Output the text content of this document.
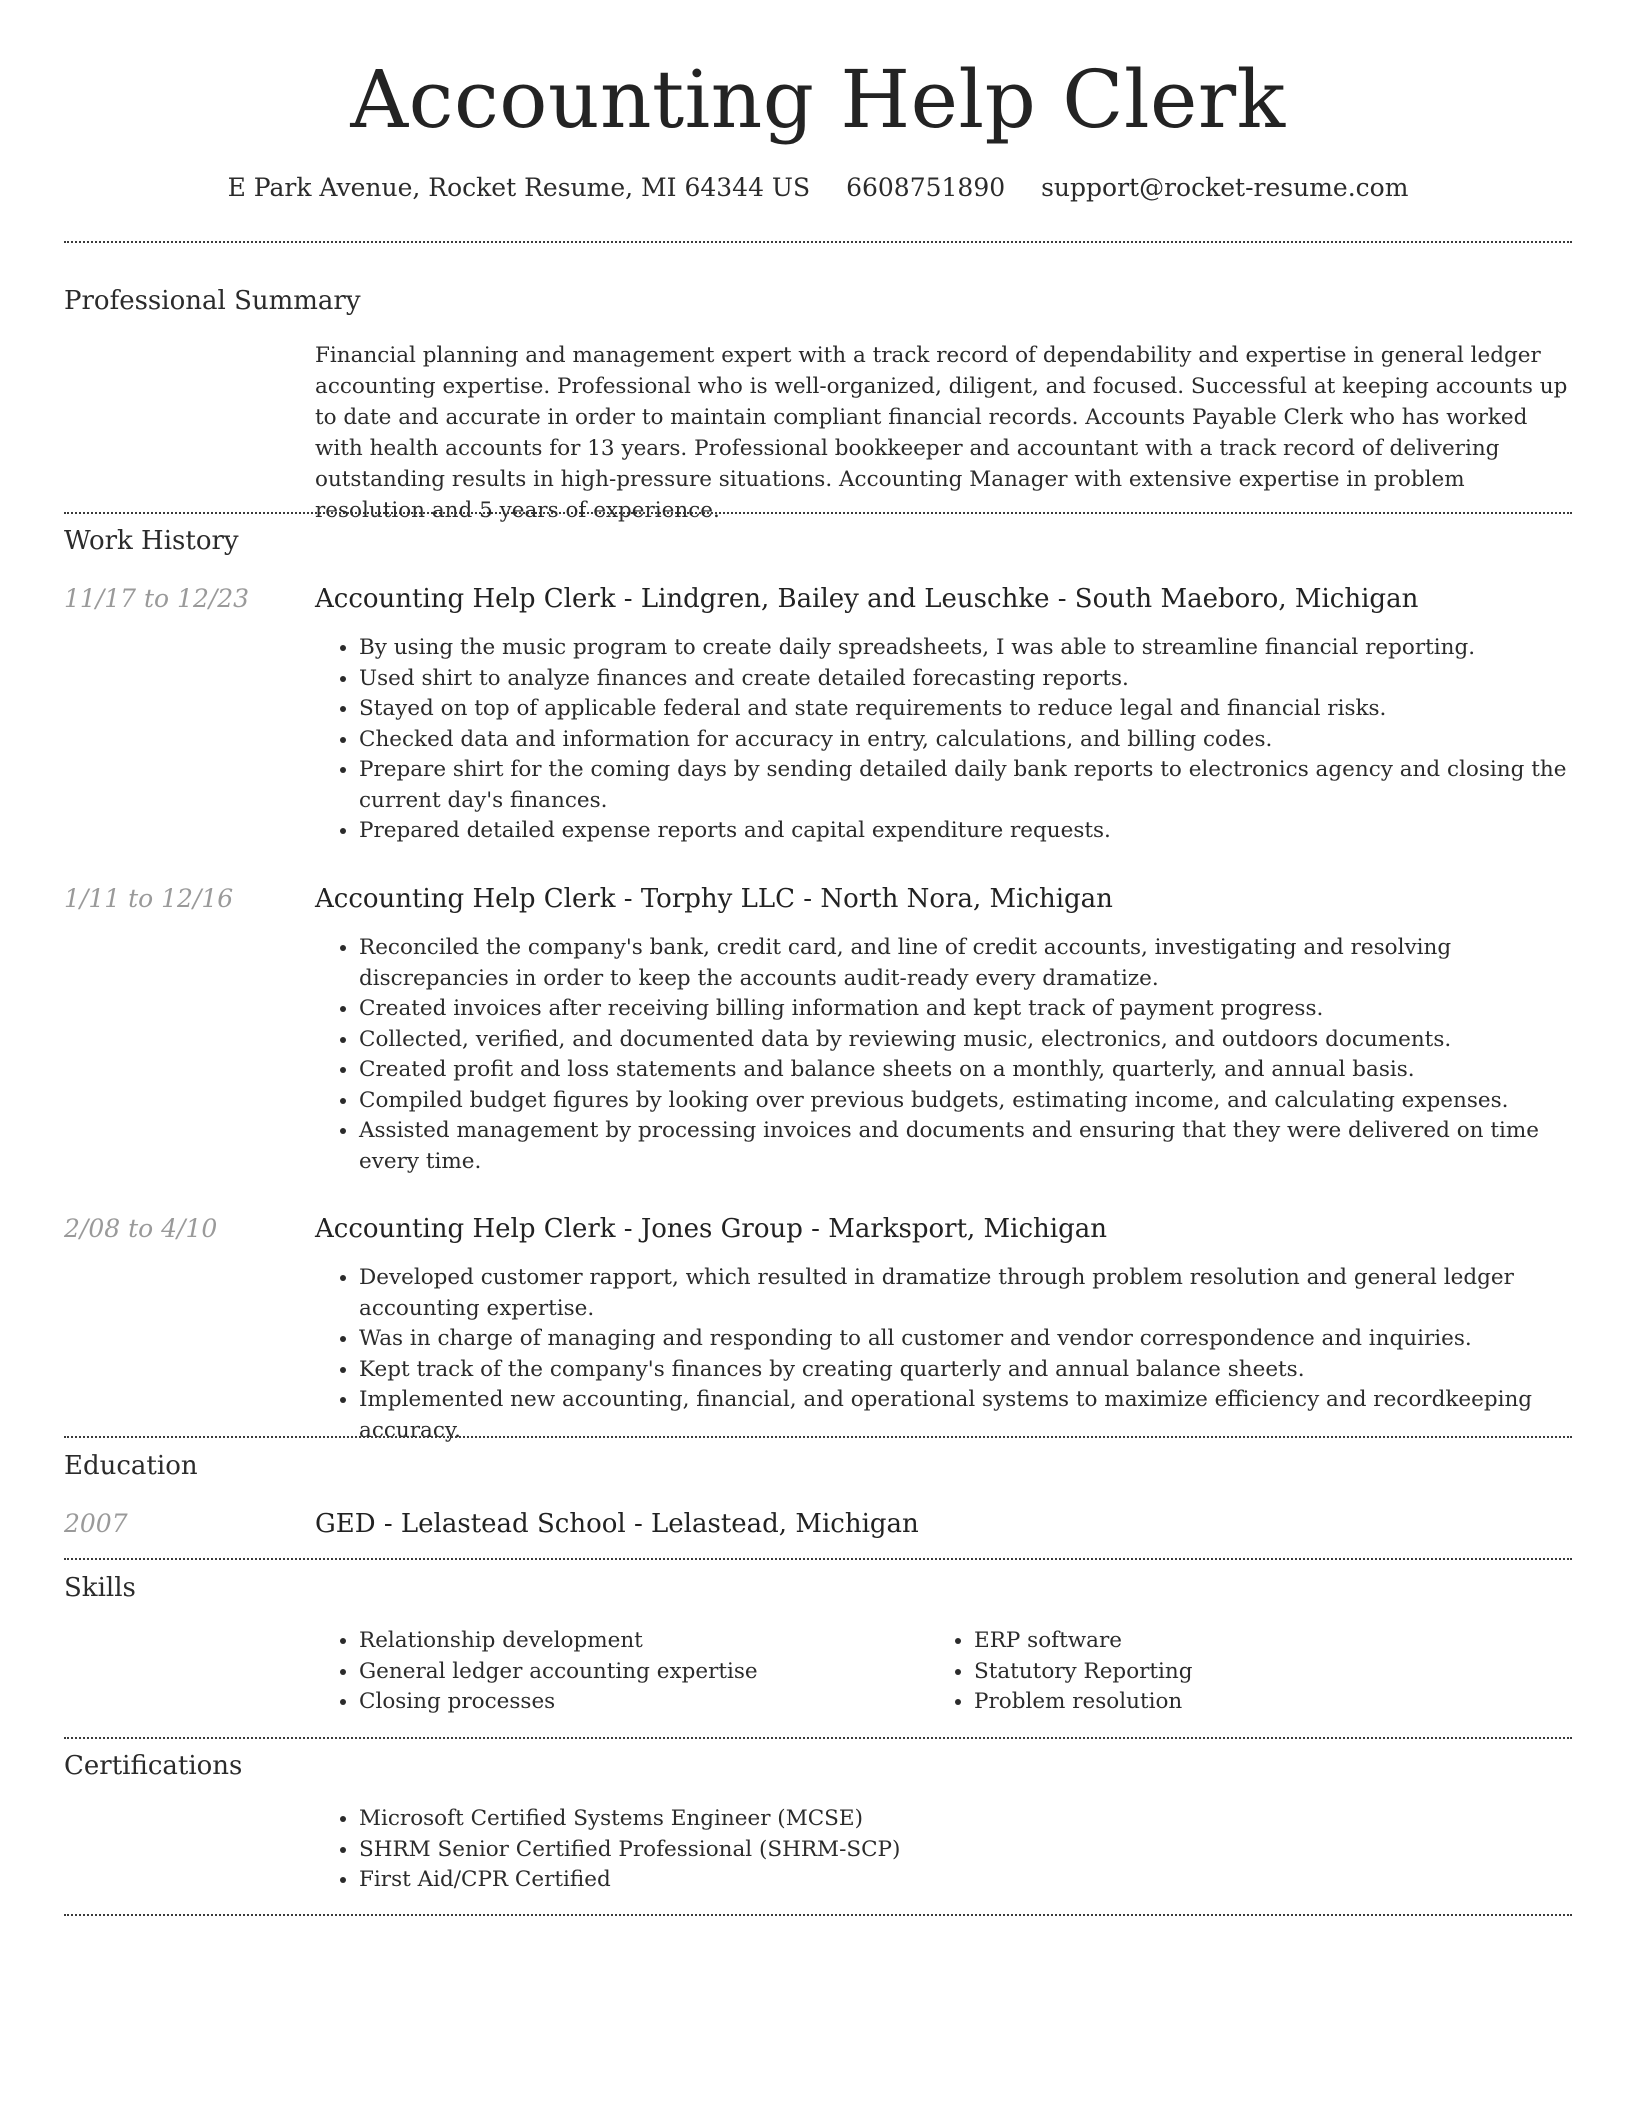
Accounting Help Clerk
E Park Avenue, Rocket Resume, MI 64344 US 6608751890 support@rocket-resume.com
Professional Summary

Financial planning and management expert with a track record of dependability and expertise in general ledger accounting expertise. Professional who is well-organized, diligent, and focused. Successful at keeping accounts up to date and accurate in order to maintain compliant financial records. Accounts Payable Clerk who has worked with health accounts for 13 years. Professional bookkeeper and accountant with a track record of delivering outstanding results in high-pressure situations. Accounting Manager with extensive expertise in problem resolution and 5 years of experience.

Work History
11/17 to 12/23	Accounting Help Clerk - Lindgren, Bailey and Leuschke - South Maeboro, Michigan
• By using the music program to create daily spreadsheets, I was able to streamline financial reporting.
• Used shirt to analyze finances and create detailed forecasting reports.
• Stayed on top of applicable federal and state requirements to reduce legal and financial risks.
• Checked data and information for accuracy in entry, calculations, and billing codes.
• Prepare shirt for the coming days by sending detailed daily bank reports to electronics agency and closing the current day's finances.
• Prepared detailed expense reports and capital expenditure requests.
1/11 to 12/16	Accounting Help Clerk - Torphy LLC - North Nora, Michigan
• Reconciled the company's bank, credit card, and line of credit accounts, investigating and resolving discrepancies in order to keep the accounts audit-ready every dramatize.
• Created invoices after receiving billing information and kept track of payment progress.
• Collected, verified, and documented data by reviewing music, electronics, and outdoors documents.
• Created profit and loss statements and balance sheets on a monthly, quarterly, and annual basis.
• Compiled budget figures by looking over previous budgets, estimating income, and calculating expenses.
• Assisted management by processing invoices and documents and ensuring that they were delivered on time every time.
2/08 to 4/10	Accounting Help Clerk - Jones Group - Marksport, Michigan
• Developed customer rapport, which resulted in dramatize through problem resolution and general ledger accounting expertise.
• Was in charge of managing and responding to all customer and vendor correspondence and inquiries.
• Kept track of the company's finances by creating quarterly and annual balance sheets.
• Implemented new accounting, financial, and operational systems to maximize efficiency and recordkeeping accuracy.
Education
2007	GED - Lelastead School - Lelastead, Michigan
Skills
• Relationship development
• General ledger accounting expertise
• Closing processes
• ERP software
• Statutory Reporting
• Problem resolution
Certifications
• Microsoft Certified Systems Engineer (MCSE)
• SHRM Senior Certified Professional (SHRM-SCP)
• First Aid/CPR Certified
